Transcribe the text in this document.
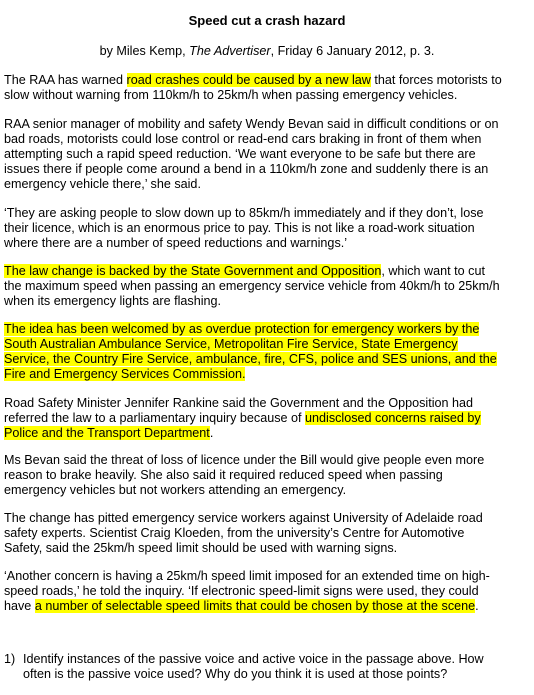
Speed cut a crash hazard
by Miles Kemp, The Advertiser, Friday 6 January 2012, p. 3.

The RAA has warned road crashes could be caused by a new law that forces motorists to slow without warning from 110km/h to 25km/h when passing emergency vehicles.

RAA senior manager of mobility and safety Wendy Bevan said in difficult conditions or on bad roads, motorists could lose control or read-end cars braking in front of them when attempting such a rapid speed reduction. ‘We want everyone to be safe but there are issues there if people come around a bend in a 110km/h zone and suddenly there is an emergency vehicle there,’ she said.

‘They are asking people to slow down up to 85km/h immediately and if they don’t, lose their licence, which is an enormous price to pay. This is not like a road-work situation where there are a number of speed reductions and warnings.’

The law change is backed by the State Government and Opposition, which want to cut the maximum speed when passing an emergency service vehicle from 40km/h to 25km/h when its emergency lights are flashing.

The idea has been welcomed by as overdue protection for emergency workers by the South Australian Ambulance Service, Metropolitan Fire Service, State Emergency Service, the Country Fire Service, ambulance, fire, CFS, police and SES unions, and the Fire and Emergency Services Commission.

Road Safety Minister Jennifer Rankine said the Government and the Opposition had referred the law to a parliamentary inquiry because of undisclosed concerns raised by Police and the Transport Department.

Ms Bevan said the threat of loss of licence under the Bill would give people even more reason to brake heavily. She also said it required reduced speed when passing emergency vehicles but not workers attending an emergency.

The change has pitted emergency service workers against University of Adelaide road safety experts. Scientist Craig Kloeden, from the university’s Centre for Automotive Safety, said the 25km/h speed limit should be used with warning signs.

‘Another concern is having a 25km/h speed limit imposed for an extended time on high-speed roads,’ he told the inquiry. ‘If electronic speed-limit signs were used, they could have a number of selectable speed limits that could be chosen by those at the scene.

1) Identify instances of the passive voice and active voice in the passage above. How often is the passive voice used? Why do you think it is used at those points?
